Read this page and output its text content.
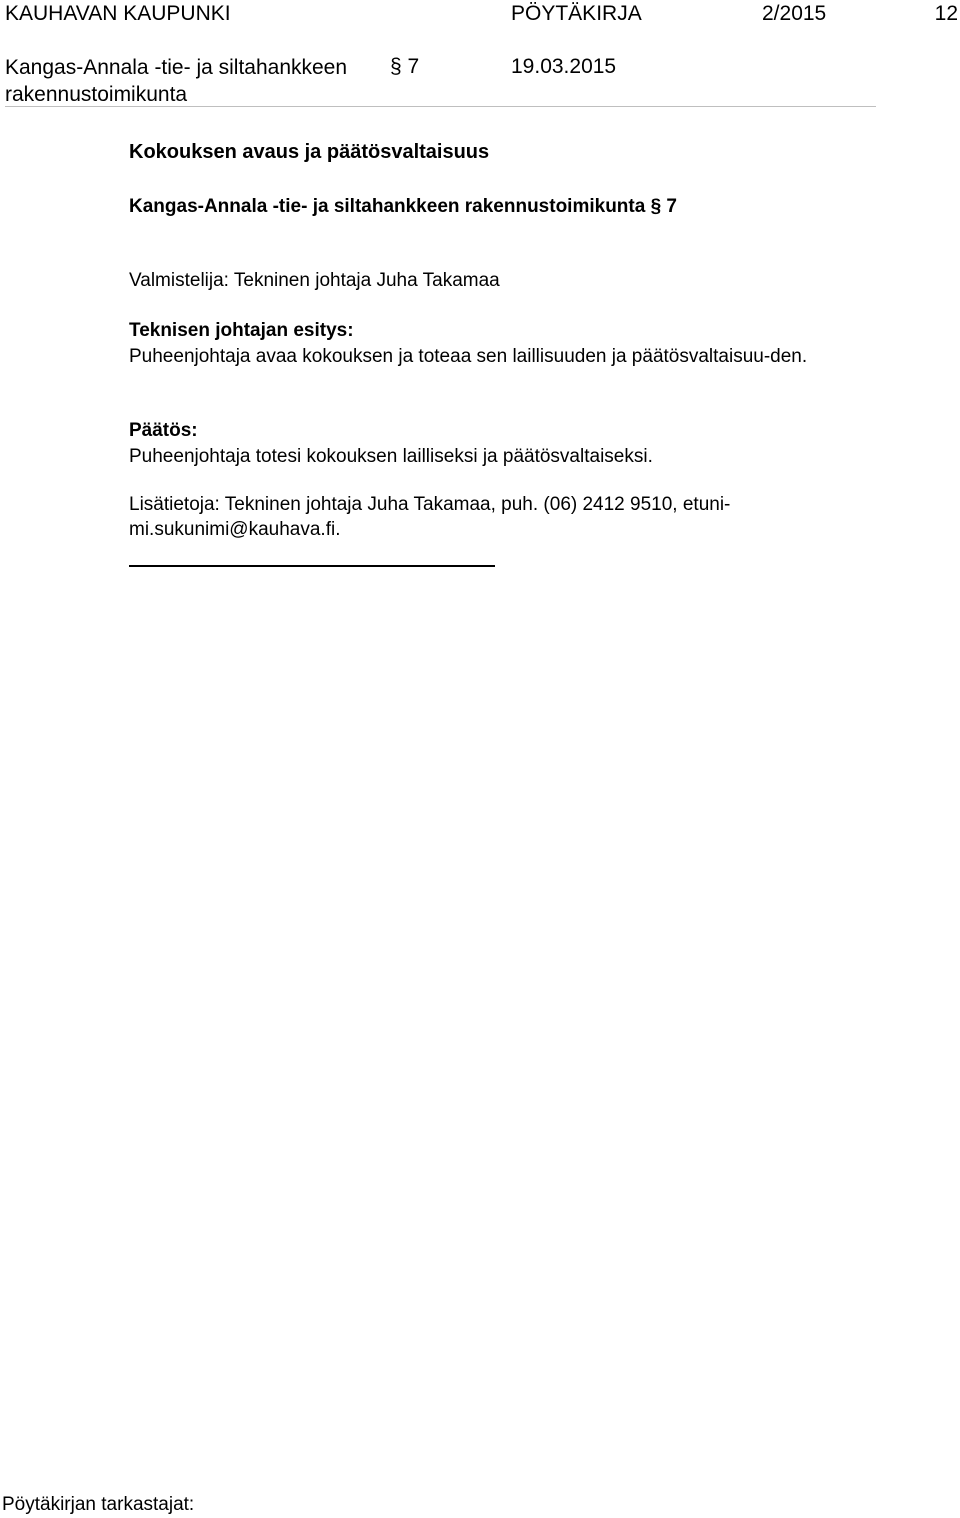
KAUHAVAN KAUPUNKI	PÖYTÄKIRJA	2/2015	12
Kangas-Annala -tie- ja siltahankkeen rakennustoimikunta
§ 7	19.03.2015
Kokouksen avaus ja päätösvaltaisuus
Kangas-Annala -tie- ja siltahankkeen rakennustoimikunta § 7
Valmistelija: Tekninen johtaja Juha Takamaa
Teknisen johtajan esitys:
Puheenjohtaja avaa kokouksen ja toteaa sen laillisuuden ja päätösvaltaisuu-den.
Päätös:
Puheenjohtaja totesi kokouksen lailliseksi ja päätösvaltaiseksi.
Lisätietoja: Tekninen johtaja Juha Takamaa, puh. (06) 2412 9510, etuni-mi.sukunimi@kauhava.fi.
Pöytäkirjan tarkastajat:
